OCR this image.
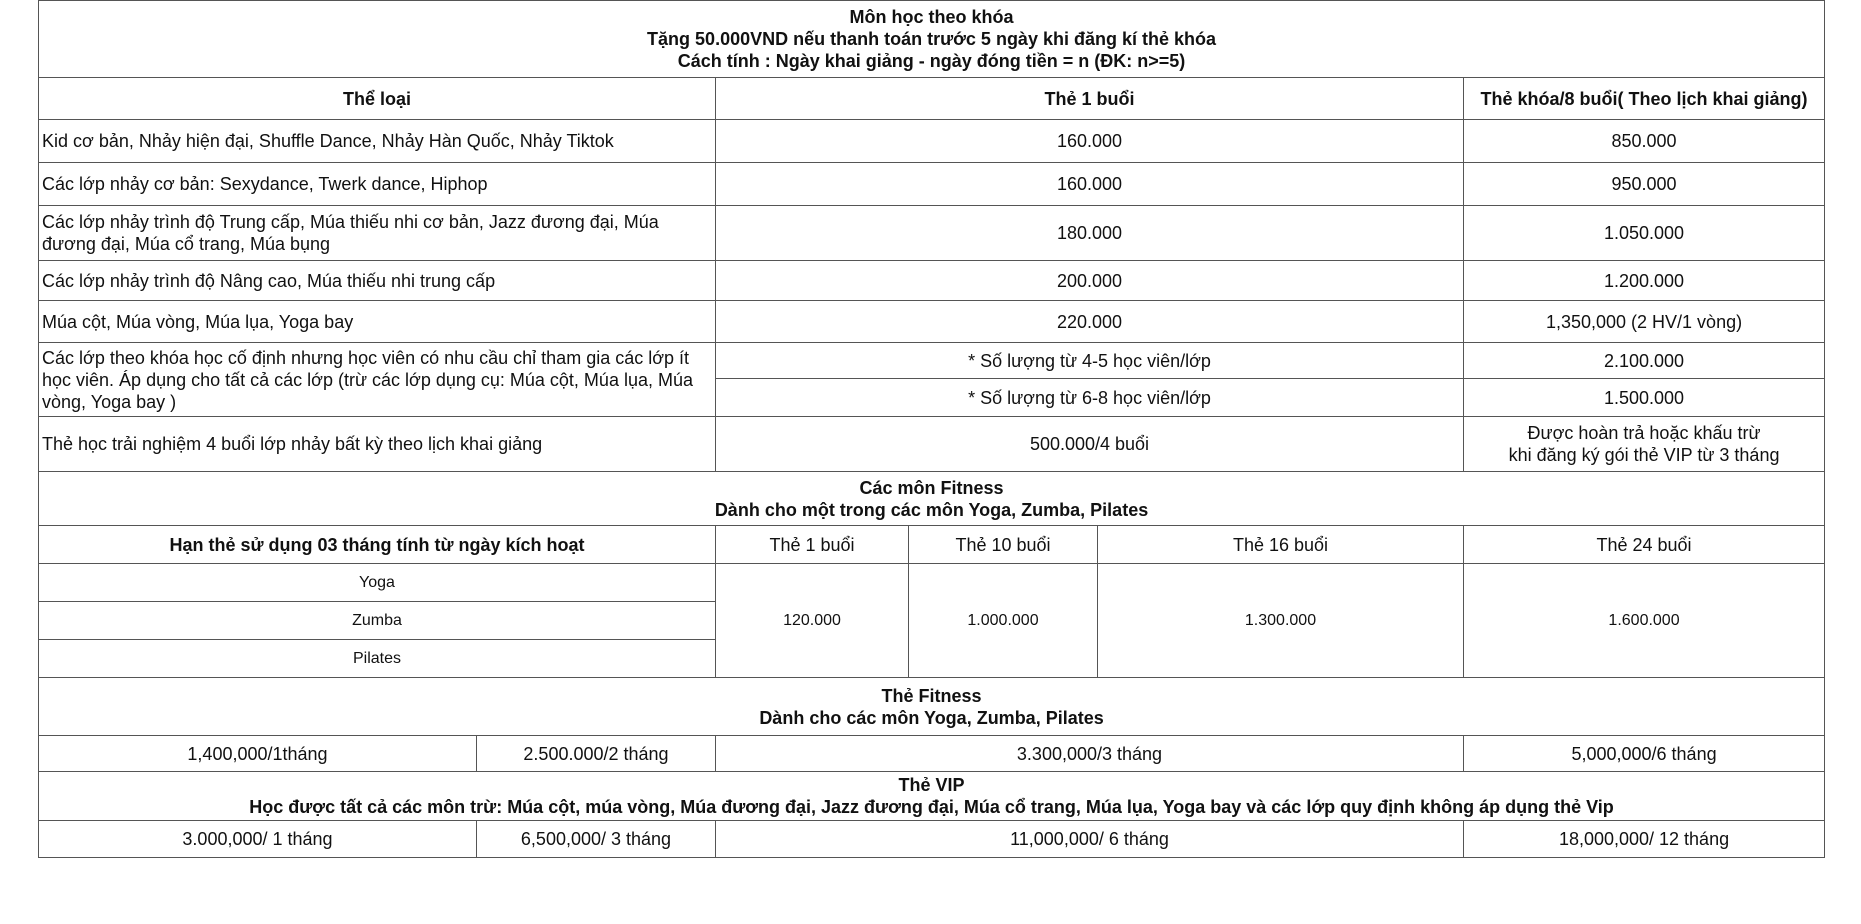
Môn học theo khóa
Tặng 50.000VND nếu thanh toán trước 5 ngày khi đăng kí thẻ khóa
Cách tính : Ngày khai giảng - ngày đóng tiền = n (ĐK: n>=5)					

Thể loại		Thẻ 1 buổi			Thẻ khóa/8 buổi( Theo lịch khai giảng)
Kid cơ bản, Nhảy hiện đại, Shuffle Dance, Nhảy Hàn Quốc, Nhảy Tiktok		160.000			850.000
Các lớp nhảy cơ bản: Sexydance, Twerk dance, Hiphop		160.000			950.000
Các lớp nhảy trình độ Trung cấp, Múa thiếu nhi cơ bản, Jazz đương đại, Múa đương đại, Múa cổ trang, Múa bụng		180.000			1.050.000
Các lớp nhảy trình độ Nâng cao, Múa thiếu nhi trung cấp		200.000			1.200.000
Múa cột, Múa vòng, Múa lụa, Yoga bay		220.000			1,350,000 (2 HV/1 vòng)
Các lớp theo khóa học cố định nhưng học viên có nhu cầu chỉ tham gia các lớp ít học viên. Áp dụng cho tất cả các lớp (trừ các lớp dụng cụ: Múa cột, Múa lụa, Múa vòng, Yoga bay )		* Số lượng từ 4-5 học viên/lớp			2.100.000
		* Số lượng từ 6-8 học viên/lớp			1.500.000
Thẻ học trải nghiệm 4 buổi lớp nhảy bất kỳ theo lịch khai giảng		500.000/4 buổi			Được hoàn trả hoặc khấu trừ
khi đăng ký gói thẻ VIP từ 3 tháng

Các môn Fitness
Dành cho một trong các môn Yoga, Zumba, Pilates					

Hạn thẻ sử dụng 03 tháng tính từ ngày kích hoạt		Thẻ 1 buổi	Thẻ 10 buổi	Thẻ 16 buổi	Thẻ 24 buổi
Yoga		120.000	1.000.000	1.300.000	1.600.000
Zumba					
Pilates					

Thẻ Fitness
Dành cho các môn Yoga, Zumba, Pilates					

1,400,000/1tháng	2.500.000/2 tháng	3.300,000/3 tháng			5,000,000/6 tháng

Thẻ VIP
Học được tất cả các môn trừ: Múa cột, múa vòng, Múa đương đại, Jazz đương đại, Múa cổ trang, Múa lụa, Yoga bay và các lớp quy định không áp dụng thẻ Vip					

3.000,000/ 1 tháng	6,500,000/ 3 tháng	11,000,000/ 6 tháng			18,000,000/ 12 tháng
